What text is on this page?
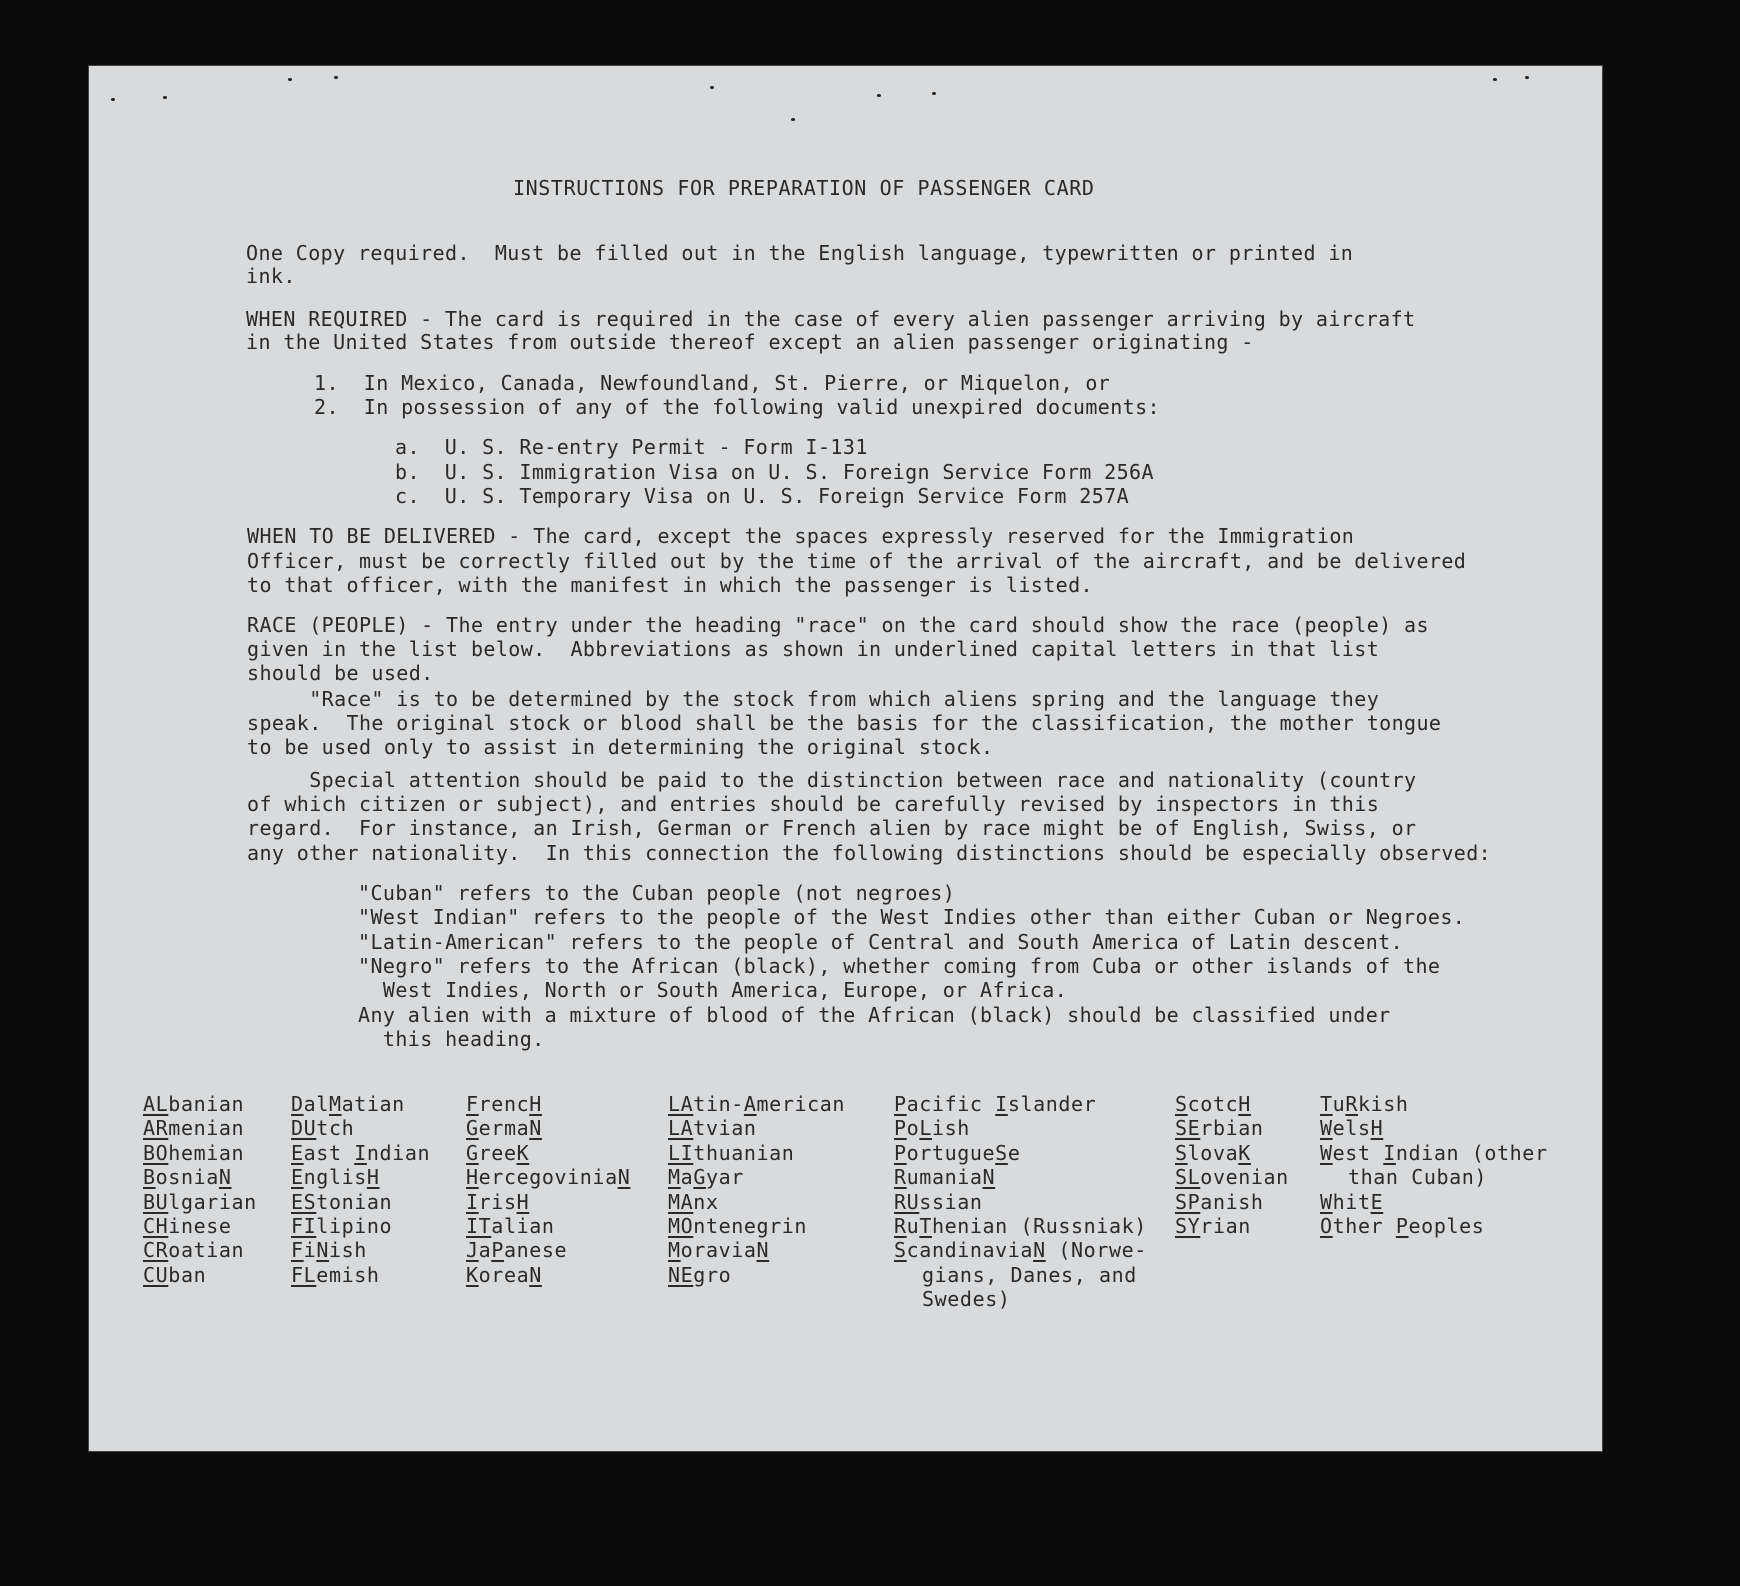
INSTRUCTIONS FOR PREPARATION OF PASSENGER CARD
One Copy required.  Must be filled out in the English language, typewritten or printed in
ink.
WHEN REQUIRED - The card is required in the case of every alien passenger arriving by aircraft
in the United States from outside thereof except an alien passenger originating -
1.  In Mexico, Canada, Newfoundland, St. Pierre, or Miquelon, or
2.  In possession of any of the following valid unexpired documents:
a.  U. S. Re-entry Permit - Form I-131
b.  U. S. Immigration Visa on U. S. Foreign Service Form 256A
c.  U. S. Temporary Visa on U. S. Foreign Service Form 257A
WHEN TO BE DELIVERED - The card, except the spaces expressly reserved for the Immigration
Officer, must be correctly filled out by the time of the arrival of the aircraft, and be delivered
to that officer, with the manifest in which the passenger is listed.
RACE (PEOPLE) - The entry under the heading "race" on the card should show the race (people) as
given in the list below.  Abbreviations as shown in underlined capital letters in that list
should be used.
"Race" is to be determined by the stock from which aliens spring and the language they
speak.  The original stock or blood shall be the basis for the classification, the mother tongue
to be used only to assist in determining the original stock.
Special attention should be paid to the distinction between race and nationality (country
of which citizen or subject), and entries should be carefully revised by inspectors in this
regard.  For instance, an Irish, German or French alien by race might be of English, Swiss, or
any other nationality.  In this connection the following distinctions should be especially observed:
"Cuban" refers to the Cuban people (not negroes)
"West Indian" refers to the people of the West Indies other than either Cuban or Negroes.
"Latin-American" refers to the people of Central and South America of Latin descent.
"Negro" refers to the African (black), whether coming from Cuba or other islands of the
West Indies, North or South America, Europe, or Africa.
Any alien with a mixture of blood of the African (black) should be classified under
this heading.
ALbanian
ARmenian
BOhemian
BosniaN
BUlgarian
CHinese
CRoatian
CUban
DalMatian
DUtch
East Indian
EnglisH
EStonian
FIlipino
FiNish
FLemish
FrencH
GermaN
GreeK
HercegoviniaN
IrisH
ITalian
JaPanese
KoreaN
LAtin-American
LAtvian
LIthuanian
MaGyar
MAnx
MOntenegrin
MoraviaN
NEgro
Pacific Islander
PoLish
PortugueSe
RumaniaN
RUssian
RuThenian (Russniak)
ScandinaviaN (Norwe-
gians, Danes, and
Swedes)
ScotcH
SErbian
SlovaK
SLovenian
SPanish
SYrian
TuRkish
WelsH
West Indian (other
than Cuban)
WhitE
Other Peoples
